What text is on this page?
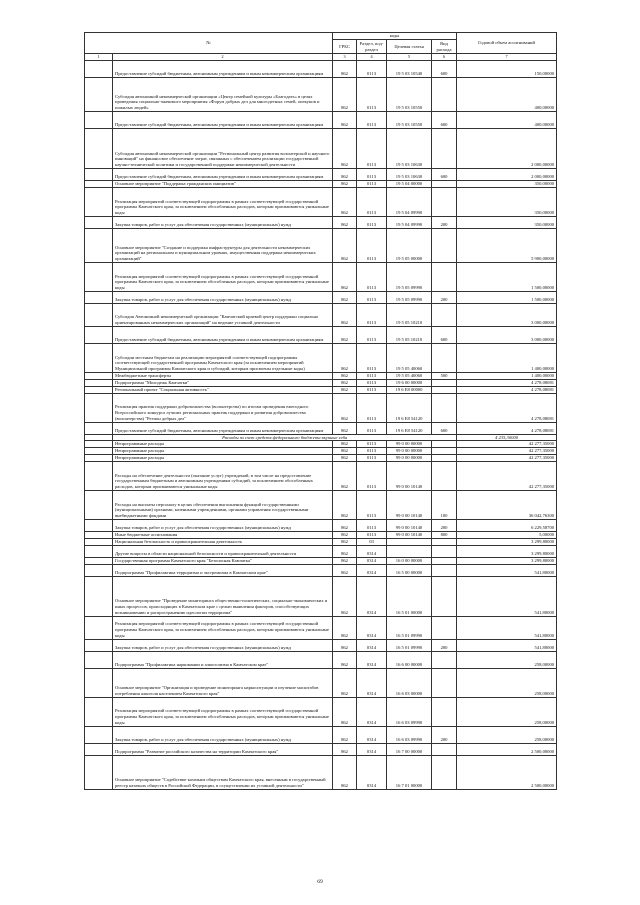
№		коды				Годовой объем ассигнований
		ГРБС	Раздел, под-раздел	Целевая статья	Вид расхода	
1	2	3	4	5	6	7
	Предоставление субсидий бюджетным, автономным учреждениям и иным некоммерческим организациям	862	0113	19 5 03 10540	600	150,00000
	Субсидия автономной некоммерческой организации «Центр семейной культуры «Благодать» в целях проведения социально-значимого мероприятия «Форум добрых дел для многодетных семей, опекунов и пожилых людей»	862	0113	19 5 03 10550		400,00000
	Предоставление субсидий бюджетным, автономным учреждениям и иным некоммерческим организациям	862	0113	19 5 03 10550	600	400,00000
	Субсидия автономной некоммерческой организации "Региональный центр развития волонтерской и научного инноваций" на финансовое обеспечение затрат, связанных с обеспечением реализации государственной научно-технической политики и государственной поддержки некоммерческой деятельности	862	0113	19 5 03 10630		2 000,00000
	Предоставление субсидий бюджетным, автономным учреждениям и иным некоммерческим организациям	862	0113	19 5 03 10630	600	2 000,00000
	Основное мероприятие "Поддержка гражданских инициатив"	862	0113	19 5 04 00000		350,00000
	Реализация мероприятий соответствующей подпрограммы в рамках соответствующей государственной программы Камчатского края, за исключением обособленных расходов, которым присваиваются уникальные коды	862	0113	19 5 04 09990		350,00000
	Закупка товаров, работ и услуг для обеспечения государственных (муниципальных) нужд	862	0113	19 5 04 09990	200	350,00000
	Основное мероприятие "Создание и поддержка инфраструктуры для деятельности некоммерческих организаций на региональном и муниципальном уровнях, имущественная поддержка некоммерческих организаций"	862	0113	19 5 05 00000		5 900,00000
	Реализация мероприятий соответствующей подпрограммы в рамках соответствующей государственной программы Камчатского края, за исключением обособленных расходов, которым присваиваются уникальные коды	862	0113	19 5 05 09990		1 500,00000
	Закупка товаров, работ и услуг для обеспечения государственных (муниципальных) нужд	862	0113	19 5 05 09990	200	1 500,00000
	Субсидия Автономной некоммерческой организации "Камчатский краевой центр поддержки социально ориентированных некоммерческих организаций" на ведение уставной деятельности	862	0113	19 5 05 10210		3 000,00000
	Предоставление субсидий бюджетным, автономным учреждениям и иным некоммерческим организациям	862	0113	19 5 05 10210	600	3 000,00000
	Субсидии местным бюджетам на реализацию мероприятий соответствующей подпрограммы соответствующей государственной программы Камчатского края (за исключением мероприятий Муниципальной программы Камчатского края и субсидий, которым присвоены отдельные коды)	862	0113	19 5 05 40060		1 400,00000
	Межбюджетные трансферты	862	0113	19 5 05 40060	500	1 400,00000
	Подпрограмма "Молодежь Камчатки"	862	0113	19 6 00 00000		4 278,08081
	Региональный проект "Социальная активность"	862	0113	19 6 E8 00000		4 278,08081
	Реализация практик поддержки добровольчества (волонтерства) по итогам проведения ежегодного Всероссийского конкурса лучших региональных практик поддержки и развития добровольчества (волонтерства) "Регион добрых дел"	862	0113	19 6 E8 54120		4 278,08081
	Предоставление субсидий бюджетным, автономным учреждениям и иным некоммерческим организациям	862	0113	19 6 E8 54120	600	4 278,08081
	Расходы за счет средств федерального бюджета вкупные себя					4 235,30000
	Непрограммные расходы	862	0113	99 0 00 00000		42 277,35000
	Непрограммные расходы	862	0113	99 0 00 00000		42 277,35000
	Непрограммные расходы	862	0113	99 0 00 00000		42 277,35000
	Расходы на обеспечение деятельности (оказание услуг) учреждений, в том числе на предоставление государственным бюджетным и автономным учреждениям субсидий, за исключением обособленных расходов, которым присваиваются уникальные коды	862	0113	99 0 00 10140		42 277,35000
	Расходы на выплаты персоналу в целях обеспечения выполнения функций государственными (муниципальными) органами, казенными учреждениями, органами управления государственными внебюджетными фондами	862	0113	99 0 00 10140	100	36 042,76300
	Закупка товаров, работ и услуг для обеспечения государственных (муниципальных) нужд	862	0113	99 0 00 10140	200	6 229,58700
	Иные бюджетные ассигнования	862	0113	99 0 00 10140	800	5,00000
	Национальная безопасность и правоохранительная деятельность	862	03			3 299,80000
	Другие вопросы в области национальной безопасности и правоохранительной деятельности	862	0314			3 299,80000
	Государственная программа Камчатского края "Безопасная Камчатка"	862	0314	16 0 00 00000		3 299,80000
	Подпрограмма "Профилактика терроризма и экстремизма в Камчатском крае"	862	0314	16 5 00 00000		541,80000
	Основное мероприятие "Проведение мониторинга общественно-политических, социально-экономических и иных процессов, происходящих в Камчатском крае с целью выявления факторов, способствующих возникновению и распространению идеологии терроризма"	862	0314	16 5 01 00000		541,80000
	Реализация мероприятий соответствующей подпрограммы в рамках соответствующей государственной программы Камчатского края, за исключением обособленных расходов, которым присваиваются уникальные коды	862	0314	16 5 01 09990		541,80000
	Закупка товаров, работ и услуг для обеспечения государственных (муниципальных) нужд	862	0314	16 5 01 09990	200	541,80000
	Подпрограмма "Профилактика наркомании и алкоголизма в Камчатском крае"	862	0314	16 6 00 00000		258,00000
	Основное мероприятие "Организация и проведение мониторинга наркоситуации и изучение масштабов потребления алкоголя населением Камчатского края"	862	0314	16 6 03 00000		258,00000
	Реализация мероприятий соответствующей подпрограммы в рамках соответствующей государственной программы Камчатского края, за исключением обособленных расходов, которым присваиваются уникальные коды	862	0314	16 6 03 09990		258,00000
	Закупка товаров, работ и услуг для обеспечения государственных (муниципальных) нужд	862	0314	16 6 03 09990	200	258,00000
	Подпрограмма "Развитие российского казачества на территории Камчатского края"	862	0314	16 7 00 00000		2 500,00000
	Основное мероприятие "Содействие казачьим обществам Камчатского края, внесенным в государственный реестр казачьих обществ в Российской Федерации, в осуществлении их уставной деятельности"	862	0314	16 7 01 00000		2 500,00000
69
